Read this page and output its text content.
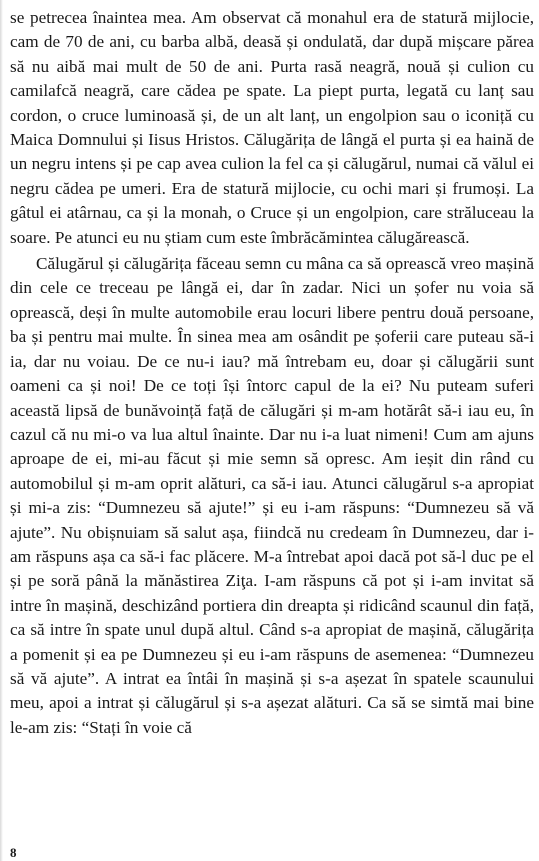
se petrecea înaintea mea. Am observat că monahul era de statură mijlocie, cam de 70 de ani, cu barba albă, deasă și ondulată, dar după mișcare părea să nu aibă mai mult de 50 de ani. Purta rasă neagră, nouă și culion cu camilafcă neagră, care cădea pe spate. La piept purta, legată cu lanț sau cordon, o cruce luminoasă și, de un alt lanț, un engolpion sau o iconiță cu Maica Domnului și Iisus Hristos. Călugărița de lângă el purta și ea haină de un negru intens și pe cap avea culion la fel ca și călugărul, numai că vălul ei negru cădea pe umeri. Era de statură mijlocie, cu ochi mari și frumoși. La gâtul ei atârnau, ca și la monah, o Cruce și un engolpion, care străluceau la soare. Pe atunci eu nu știam cum este îmbrăcămintea călugărească.

Călugărul și călugărița făceau semn cu mâna ca să oprească vreo mașină din cele ce treceau pe lângă ei, dar în zadar. Nici un șofer nu voia să oprească, deși în multe automobile erau locuri libere pentru două persoane, ba și pentru mai multe. În sinea mea am osândit pe șoferii care puteau să-i ia, dar nu voiau. De ce nu-i iau? mă întrebam eu, doar și călugării sunt oameni ca și noi! De ce toți își întorc capul de la ei? Nu puteam suferi această lipsă de bunăvoință față de călugări și m-am hotărât să-i iau eu, în cazul că nu mi-o va lua altul înainte. Dar nu i-a luat nimeni! Cum am ajuns aproape de ei, mi-au făcut și mie semn să opresc. Am ieșit din rând cu automobilul și m-am oprit alături, ca să-i iau. Atunci călugărul s-a apropiat și mi-a zis: “Dumnezeu să ajute!” și eu i-am răspuns: “Dumnezeu să vă ajute”. Nu obișnuiam să salut așa, fiindcă nu credeam în Dumnezeu, dar i-am răspuns așa ca să-i fac plăcere. M-a întrebat apoi dacă pot să-l duc pe el și pe soră până la mănăstirea Ziţa. I-am răspuns că pot și i-am invitat să intre în mașină, deschizând portiera din dreapta și ridicând scaunul din față, ca să intre în spate unul după altul. Când s-a apropiat de mașină, călugărița a pomenit și ea pe Dumnezeu și eu i-am răspuns de asemenea: “Dumnezeu să vă ajute”. A intrat ea întâi în mașină și s-a așezat în spatele scaunului meu, apoi a intrat și călugărul și s-a așezat alături. Ca să se simtă mai bine le-am zis: “Stați în voie că

8
